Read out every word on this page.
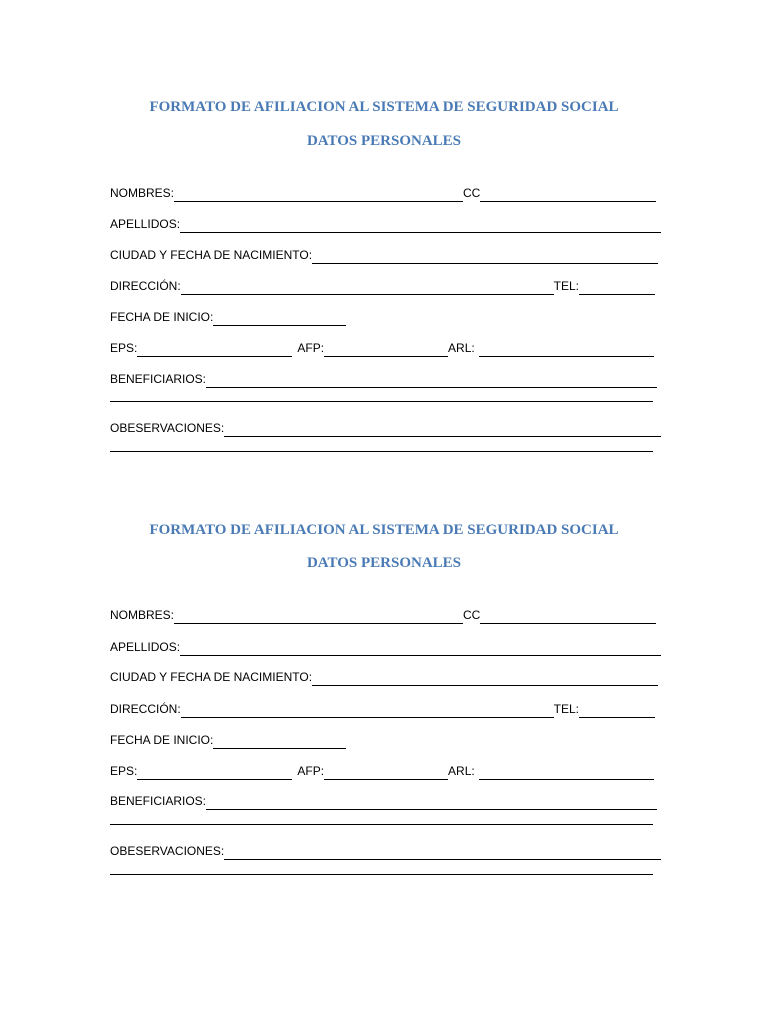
FORMATO DE AFILIACION AL SISTEMA DE SEGURIDAD SOCIAL
DATOS PERSONALES
NOMBRES:	CC
APELLIDOS:
CIUDAD Y FECHA DE NACIMIENTO:
DIRECCIÓN:	TEL:
FECHA DE INICIO:
EPS:	AFP:	ARL:
BENEFICIARIOS:
OBESERVACIONES:
FORMATO DE AFILIACION AL SISTEMA DE SEGURIDAD SOCIAL
DATOS PERSONALES
NOMBRES:	CC
APELLIDOS:
CIUDAD Y FECHA DE NACIMIENTO:
DIRECCIÓN:	TEL:
FECHA DE INICIO:
EPS:	AFP:	ARL:
BENEFICIARIOS:
OBESERVACIONES:
